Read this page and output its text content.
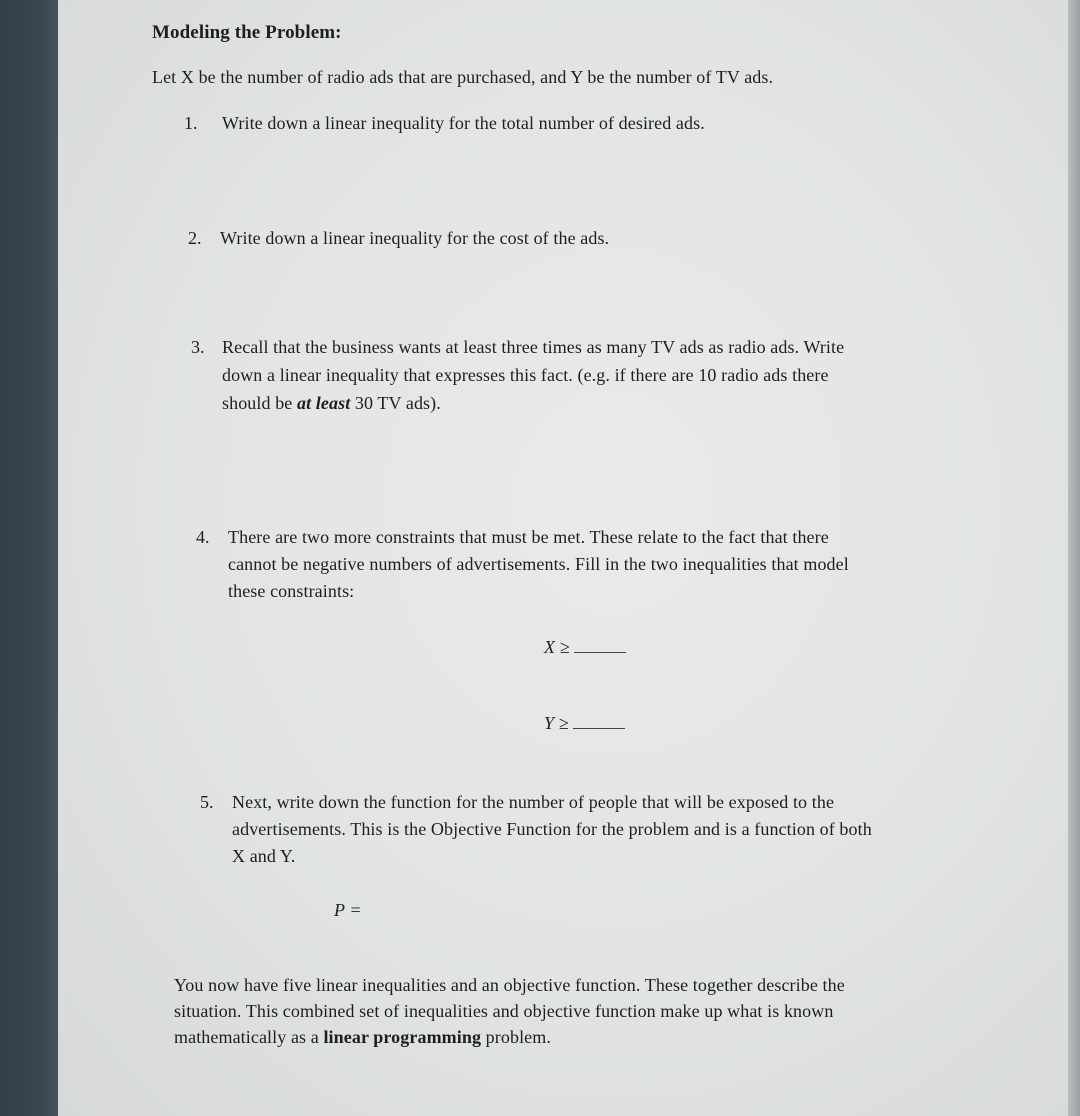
Modeling the Problem:
Let X be the number of radio ads that are purchased, and Y be the number of TV ads.
1. Write down a linear inequality for the total number of desired ads.
2. Write down a linear inequality for the cost of the ads.
3. Recall that the business wants at least three times as many TV ads as radio ads. Write
down a linear inequality that expresses this fact. (e.g. if there are 10 radio ads there
should be at least 30 TV ads).
4. There are two more constraints that must be met. These relate to the fact that there
cannot be negative numbers of advertisements. Fill in the two inequalities that model
these constraints:
X ≥
Y ≥
5. Next, write down the function for the number of people that will be exposed to the
advertisements. This is the Objective Function for the problem and is a function of both
X and Y.
P =
You now have five linear inequalities and an objective function. These together describe the
situation. This combined set of inequalities and objective function make up what is known
mathematically as a linear programming problem.
